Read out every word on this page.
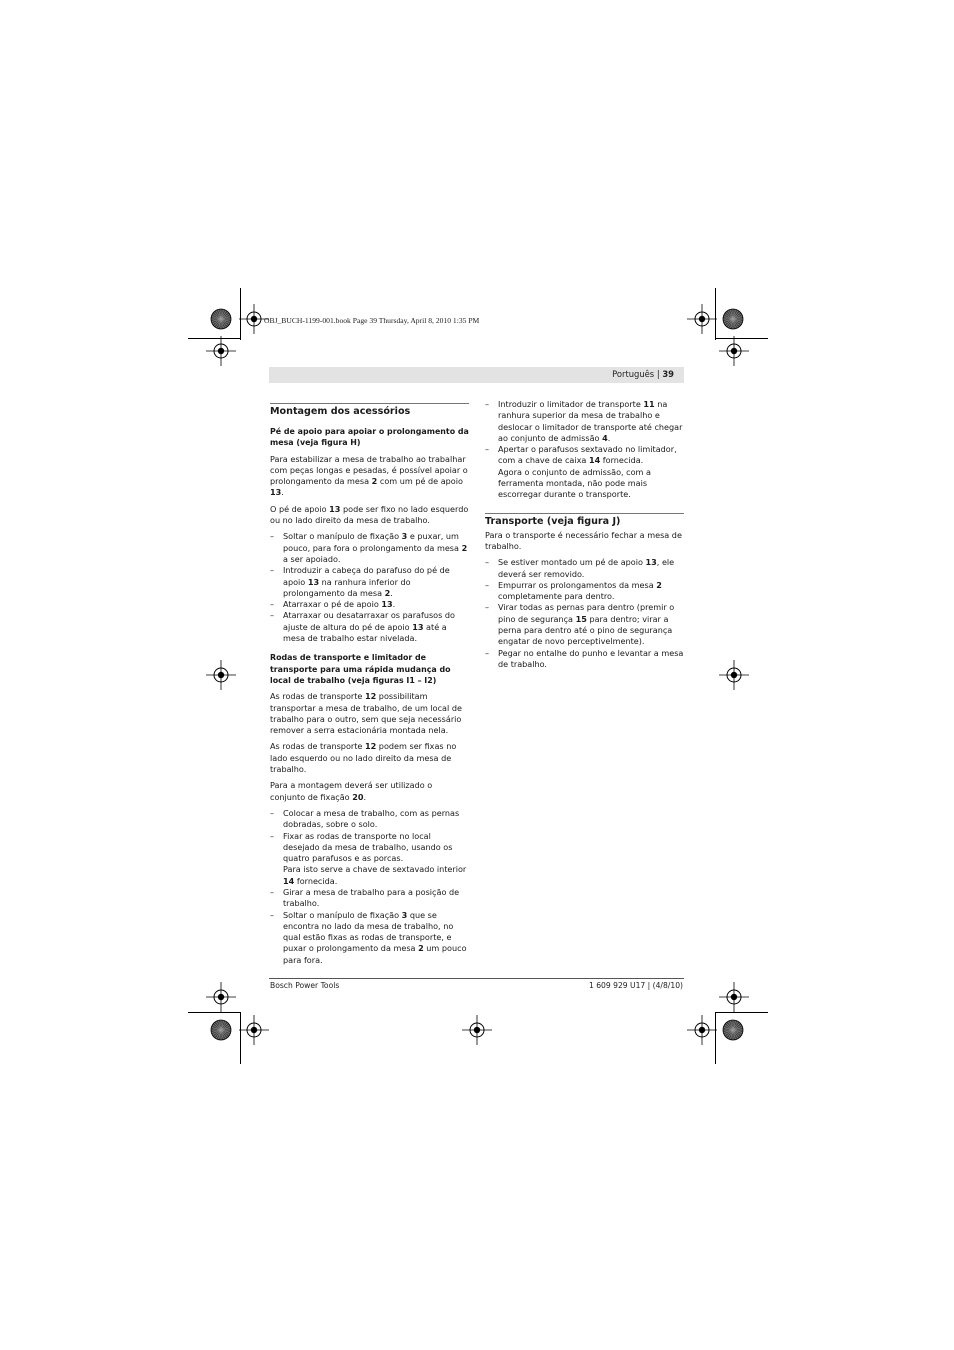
OBJ_BUCH-1199-001.book Page 39 Thursday, April 8, 2010 1:35 PM
Português | 39

Montagem dos acessórios

Pé de apoio para apoiar o prolongamento da mesa (veja figura H)

Para estabilizar a mesa de trabalho ao trabalhar com peças longas e pesadas, é possível apoiar o prolongamento da mesa 2 com um pé de apoio 13.

O pé de apoio 13 pode ser fixo no lado esquerdo ou no lado direito da mesa de trabalho.

– Soltar o manípulo de fixação 3 e puxar, um pouco, para fora o prolongamento da mesa 2 a ser apoiado.
– Introduzir a cabeça do parafuso do pé de apoio 13 na ranhura inferior do prolongamento da mesa 2.
– Atarraxar o pé de apoio 13.
– Atarraxar ou desatarraxar os parafusos do ajuste de altura do pé de apoio 13 até a mesa de trabalho estar nivelada.

Rodas de transporte e limitador de transporte para uma rápida mudança do local de trabalho (veja figuras I1 – I2)

As rodas de transporte 12 possibilitam transportar a mesa de trabalho, de um local de trabalho para o outro, sem que seja necessário remover a serra estacionária montada nela.

As rodas de transporte 12 podem ser fixas no lado esquerdo ou no lado direito da mesa de trabalho.

Para a montagem deverá ser utilizado o conjunto de fixação 20.

– Colocar a mesa de trabalho, com as pernas dobradas, sobre o solo.
– Fixar as rodas de transporte no local desejado da mesa de trabalho, usando os quatro parafusos e as porcas.
Para isto serve a chave de sextavado interior 14 fornecida.
– Girar a mesa de trabalho para a posição de trabalho.
– Soltar o manípulo de fixação 3 que se encontra no lado da mesa de trabalho, no qual estão fixas as rodas de transporte, e puxar o prolongamento da mesa 2 um pouco para fora.
– Introduzir o limitador de transporte 11 na ranhura superior da mesa de trabalho e deslocar o limitador de transporte até chegar ao conjunto de admissão 4.
– Apertar o parafusos sextavado no limitador, com a chave de caixa 14 fornecida.
Agora o conjunto de admissão, com a ferramenta montada, não pode mais escorregar durante o transporte.

Transporte (veja figura J)

Para o transporte é necessário fechar a mesa de trabalho.

– Se estiver montado um pé de apoio 13, ele deverá ser removido.
– Empurrar os prolongamentos da mesa 2 completamente para dentro.
– Virar todas as pernas para dentro (premir o pino de segurança 15 para dentro; virar a perna para dentro até o pino de segurança engatar de novo perceptivelmente).
– Pegar no entalhe do punho e levantar a mesa de trabalho.
Bosch Power Tools	1 609 929 U17 | (4/8/10)
